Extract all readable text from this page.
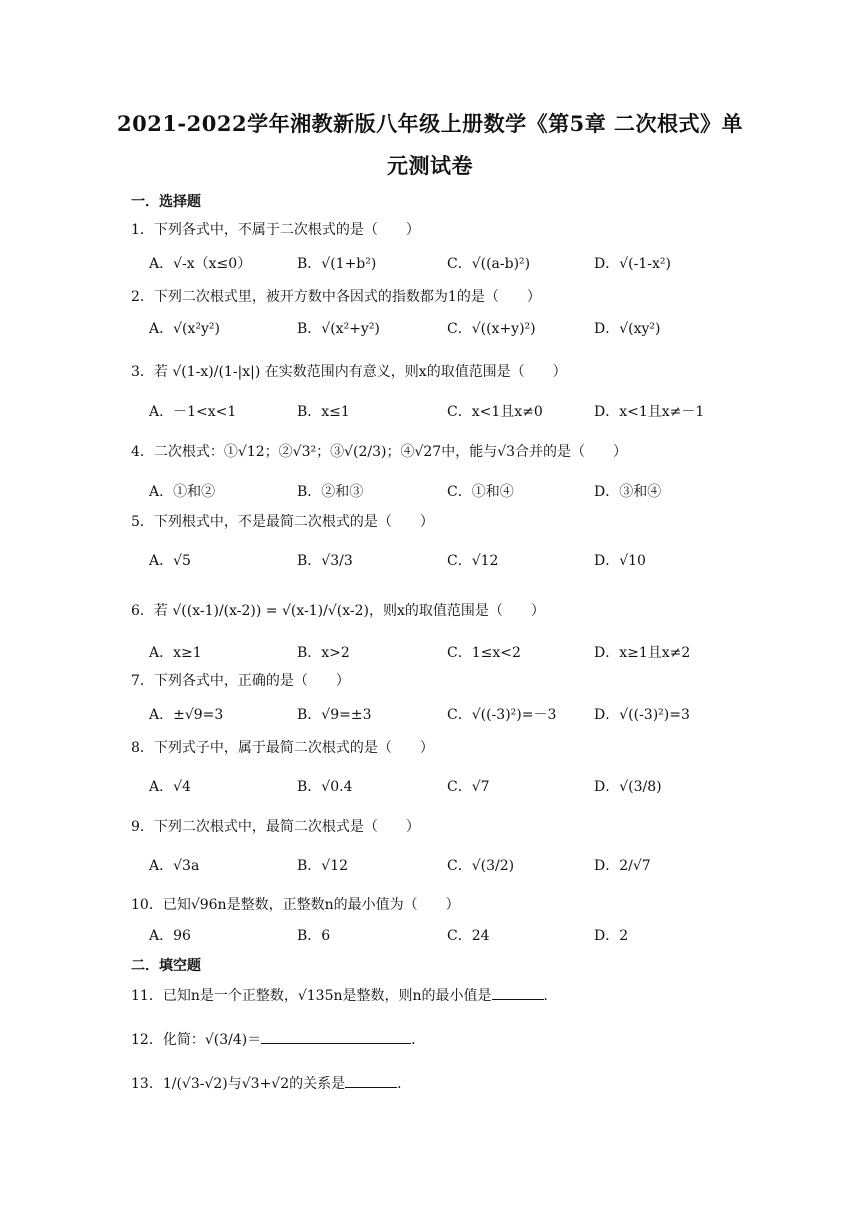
2021-2022学年湘教新版八年级上册数学《第5章 二次根式》单
元测试卷
一．选择题
1．下列各式中，不属于二次根式的是（　　）
A．√-x（x≤0）	B．√(1+b²)	C．√((a-b)²)	D．√(-1-x²)
2．下列二次根式里，被开方数中各因式的指数都为1的是（　　）
A．√(x²y²)	B．√(x²+y²)	C．√((x+y)²)	D．√(xy²)
3．若 √(1-x)/(1-|x|) 在实数范围内有意义，则x的取值范围是（　　）
A．－1<x<1	B．x≤1	C．x<1且x≠0	D．x<1且x≠－1
4．二次根式：①√12；②√3²；③√(2/3)；④√27中，能与√3合并的是（　　）
A．①和②	B．②和③	C．①和④	D．③和④
5．下列根式中，不是最简二次根式的是（　　）
A．√5	B．√3/3	C．√12	D．√10
6．若 √((x-1)/(x-2)) = √(x-1)/√(x-2)，则x的取值范围是（　　）
A．x≥1	B．x>2	C．1≤x<2	D．x≥1且x≠2
7．下列各式中，正确的是（　　）
A．±√9=3	B．√9=±3	C．√((-3)²)=－3	D．√((-3)²)=3
8．下列式子中，属于最简二次根式的是（　　）
A．√4	B．√0.4	C．√7	D．√(3/8)
9．下列二次根式中，最简二次根式是（　　）
A．√3a	B．√12	C．√(3/2)	D．2/√7
10．已知√96n是整数，正整数n的最小值为（　　）
A．96	B．6	C．24	D．2
二．填空题
11．已知n是一个正整数，√135n是整数，则n的最小值是	．
12．化简：√(3/4)＝	．
13．1/(√3-√2)与√3+√2的关系是	．
